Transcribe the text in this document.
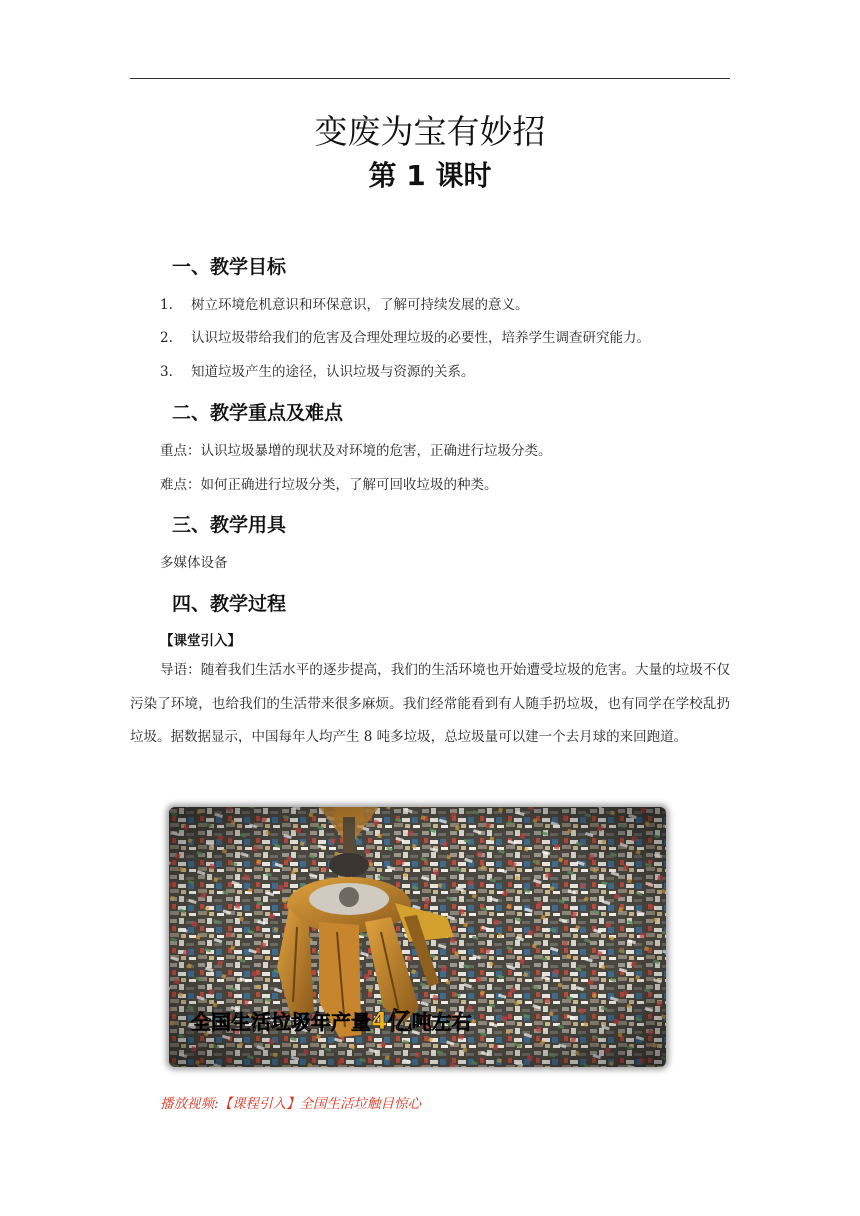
变废为宝有妙招
第 1 课时
一、教学目标
1. 树立环境危机意识和环保意识，了解可持续发展的意义。
2. 认识垃圾带给我们的危害及合理处理垃圾的必要性，培养学生调查研究能力。
3. 知道垃圾产生的途径，认识垃圾与资源的关系。
二、教学重点及难点
重点：认识垃圾暴增的现状及对环境的危害，正确进行垃圾分类。
难点：如何正确进行垃圾分类，了解可回收垃圾的种类。
三、教学用具
多媒体设备
四、教学过程
【课堂引入】
导语：随着我们生活水平的逐步提高，我们的生活环境也开始遭受垃圾的危害。大量的垃圾不仅污染了环境，也给我们的生活带来很多麻烦。我们经常能看到有人随手扔垃圾，也有同学在学校乱扔垃圾。据数据显示，中国每年人均产生 8 吨多垃圾，总垃圾量可以建一个去月球的来回跑道。
全国生活垃圾年产量4亿吨左右
播放视频:【课程引入】全国生活垃触目惊心
